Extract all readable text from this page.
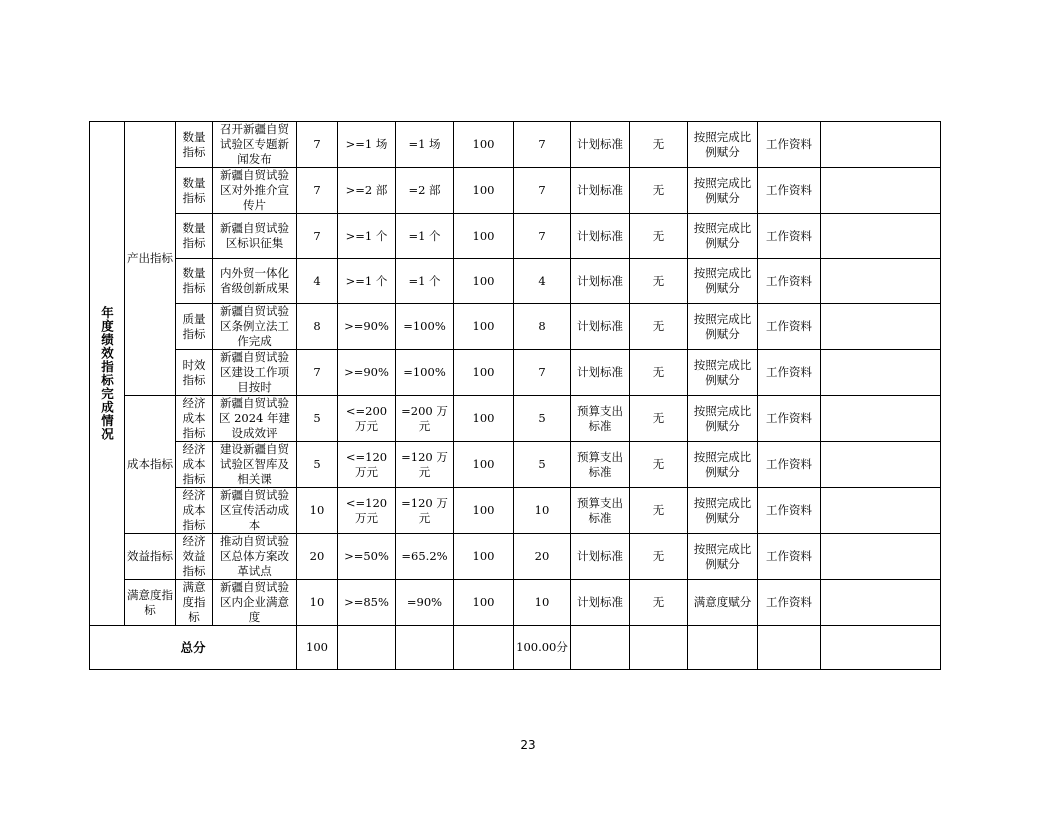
年度绩效指标完成情况	产出指标	数量指标	召开新疆自贸试验区专题新闻发布	7	>=1 场	=1 场	100	7	计划标准	无	按照完成比例赋分	工作资料	

		数量指标	新疆自贸试验区对外推介宣传片	7	>=2 部	=2 部	100	7	计划标准	无	按照完成比例赋分	工作资料	

		数量指标	新疆自贸试验区标识征集	7	>=1 个	=1 个	100	7	计划标准	无	按照完成比例赋分	工作资料	

		数量指标	内外贸一体化省级创新成果	4	>=1 个	=1 个	100	4	计划标准	无	按照完成比例赋分	工作资料	

		质量指标	新疆自贸试验区条例立法工作完成	8	>=90%	=100%	100	8	计划标准	无	按照完成比例赋分	工作资料	

		时效指标	新疆自贸试验区建设工作项目按时	7	>=90%	=100%	100	7	计划标准	无	按照完成比例赋分	工作资料	

	成本指标	经济成本指标	新疆自贸试验区 2024 年建设成效评	5	<=200 万元	=200 万元	100	5	预算支出标准	无	按照完成比例赋分	工作资料	

		经济成本指标	建设新疆自贸试验区智库及相关课	5	<=120 万元	=120 万元	100	5	预算支出标准	无	按照完成比例赋分	工作资料	

		经济成本指标	新疆自贸试验区宣传活动成本	10	<=120 万元	=120 万元	100	10	预算支出标准	无	按照完成比例赋分	工作资料	

	效益指标	经济效益指标	推动自贸试验区总体方案改革试点	20	>=50%	=65.2%	100	20	计划标准	无	按照完成比例赋分	工作资料	

	满意度指标	满意度指标	新疆自贸试验区内企业满意度	10	>=85%	=90%	100	10	计划标准	无	满意度赋分	工作资料	

总分				100				100.00分					

23
